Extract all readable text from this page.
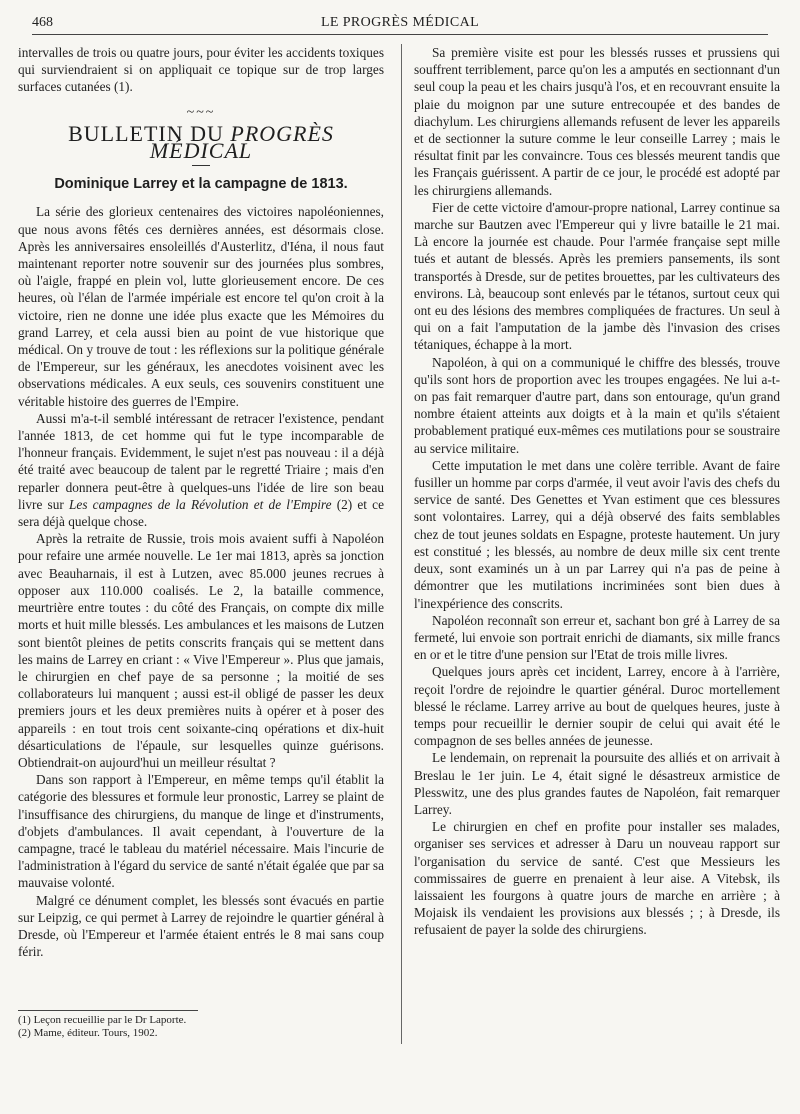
468	LE PROGRÈS MÉDICAL

intervalles de trois ou quatre jours, pour éviter les accidents toxiques qui surviendraient si on appliquait ce topique sur de trop larges surfaces cutanées (1).

~~~
BULLETIN DU PROGRÈS MÉDICAL
Dominique Larrey et la campagne de 1813.

La série des glorieux centenaires des victoires napoléoniennes, que nous avons fêtés ces dernières années, est désormais close. Après les anniversaires ensoleillés d'Austerlitz, d'Iéna, il nous faut maintenant reporter notre souvenir sur des journées plus sombres, où l'aigle, frappé en plein vol, lutte glorieusement encore. De ces heures, où l'élan de l'armée impériale est encore tel qu'on croit à la victoire, rien ne donne une idée plus exacte que les Mémoires du grand Larrey, et cela aussi bien au point de vue historique que médical. On y trouve de tout : les réflexions sur la politique générale de l'Empereur, sur les généraux, les anecdotes voisinent avec les observations médicales. A eux seuls, ces souvenirs constituent une véritable histoire des guerres de l'Empire.

Aussi m'a-t-il semblé intéressant de retracer l'existence, pendant l'année 1813, de cet homme qui fut le type incomparable de l'honneur français. Evidemment, le sujet n'est pas nouveau : il a déjà été traité avec beaucoup de talent par le regretté Triaire ; mais d'en reparler donnera peut-être à quelques-uns l'idée de lire son beau livre sur Les campagnes de la Révolution et de l'Empire (2) et ce sera déjà quelque chose.

Après la retraite de Russie, trois mois avaient suffi à Napoléon pour refaire une armée nouvelle. Le 1er mai 1813, après sa jonction avec Beauharnais, il est à Lutzen, avec 85.000 jeunes recrues à opposer aux 110.000 coalisés. Le 2, la bataille commence, meurtrière entre toutes : du côté des Français, on compte dix mille morts et huit mille blessés. Les ambulances et les maisons de Lutzen sont bientôt pleines de petits conscrits français qui se mettent dans les mains de Larrey en criant : « Vive l'Empereur ». Plus que jamais, le chirurgien en chef paye de sa personne ; la moitié de ses collaborateurs lui manquent ; aussi est-il obligé de passer les deux premiers jours et les deux premières nuits à opérer et à poser des appareils : en tout trois cent soixante-cinq opérations et dix-huit désarticulations de l'épaule, sur lesquelles quinze guérisons. Obtiendrait-on aujourd'hui un meilleur résultat ?

Dans son rapport à l'Empereur, en même temps qu'il établit la catégorie des blessures et formule leur pronostic, Larrey se plaint de l'insuffisance des chirurgiens, du manque de linge et d'instruments, d'objets d'ambulances. Il avait cependant, à l'ouverture de la campagne, tracé le tableau du matériel nécessaire. Mais l'incurie de l'administration à l'égard du service de santé n'était égalée que par sa mauvaise volonté.

Malgré ce dénument complet, les blessés sont évacués en partie sur Leipzig, ce qui permet à Larrey de rejoindre le quartier général à Dresde, où l'Empereur et l'armée étaient entrés le 8 mai sans coup férir.

Sa première visite est pour les blessés russes et prussiens qui souffrent terriblement, parce qu'on les a amputés en sectionnant d'un seul coup la peau et les chairs jusqu'à l'os, et en recouvrant ensuite la plaie du moignon par une suture entrecoupée et des bandes de diachylum. Les chirurgiens allemands refusent de lever les appareils et de sectionner la suture comme le leur conseille Larrey ; mais le résultat finit par les convaincre. Tous ces blessés meurent tandis que les Français guérissent. A partir de ce jour, le procédé est adopté par les chirurgiens allemands.

Fier de cette victoire d'amour-propre national, Larrey continue sa marche sur Bautzen avec l'Empereur qui y livre bataille le 21 mai. Là encore la journée est chaude. Pour l'armée française sept mille tués et autant de blessés. Après les premiers pansements, ils sont transportés à Dresde, sur de petites brouettes, par les cultivateurs des environs. Là, beaucoup sont enlevés par le tétanos, surtout ceux qui ont eu des lésions des membres compliquées de fractures. Un seul à qui on a fait l'amputation de la jambe dès l'invasion des crises tétaniques, échappe à la mort.

Napoléon, à qui on a communiqué le chiffre des blessés, trouve qu'ils sont hors de proportion avec les troupes engagées. Ne lui a-t-on pas fait remarquer d'autre part, dans son entourage, qu'un grand nombre étaient atteints aux doigts et à la main et qu'ils s'étaient probablement pratiqué eux-mêmes ces mutilations pour se soustraire au service militaire.

Cette imputation le met dans une colère terrible. Avant de faire fusiller un homme par corps d'armée, il veut avoir l'avis des chefs du service de santé. Des Genettes et Yvan estiment que ces blessures sont volontaires. Larrey, qui a déjà observé des faits semblables chez de tout jeunes soldats en Espagne, proteste hautement. Un jury est constitué ; les blessés, au nombre de deux mille six cent trente deux, sont examinés un à un par Larrey qui n'a pas de peine à démontrer que les mutilations incriminées sont bien dues à l'inexpérience des conscrits.

Napoléon reconnaît son erreur et, sachant bon gré à Larrey de sa fermeté, lui envoie son portrait enrichi de diamants, six mille francs en or et le titre d'une pension sur l'Etat de trois mille livres.

Quelques jours après cet incident, Larrey, encore à à l'arrière, reçoit l'ordre de rejoindre le quartier général. Duroc mortellement blessé le réclame. Larrey arrive au bout de quelques heures, juste à temps pour recueillir le dernier soupir de celui qui avait été le compagnon de ses belles années de jeunesse.

Le lendemain, on reprenait la poursuite des alliés et on arrivait à Breslau le 1er juin. Le 4, était signé le désastreux armistice de Plesswitz, une des plus grandes fautes de Napoléon, fait remarquer Larrey.

Le chirurgien en chef en profite pour installer ses malades, organiser ses services et adresser à Daru un nouveau rapport sur l'organisation du service de santé. C'est que Messieurs les commissaires de guerre en prenaient à leur aise. A Vitebsk, ils laissaient les fourgons à quatre jours de marche en arrière ; à Mojaisk ils vendaient les provisions aux blessés ; ; à Dresde, ils refusaient de payer la solde des chirurgiens.

(1) Leçon recueillie par le Dr Laporte.
(2) Mame, éditeur. Tours, 1902.
